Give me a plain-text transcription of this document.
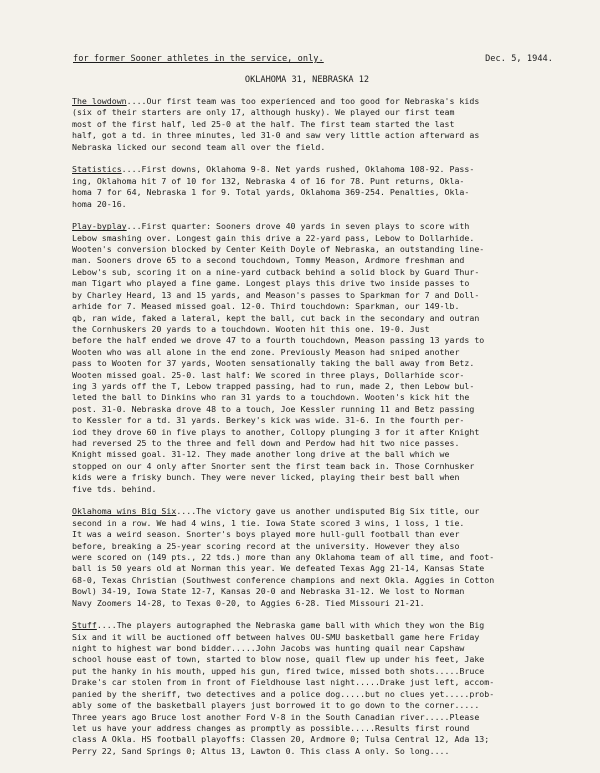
for former Sooner athletes in the service, only.	Dec. 5, 1944.
OKLAHOMA 31, NEBRASKA 12
The lowdown....Our first team was too experienced and too good for Nebraska's kids
(six of their starters are only 17, although husky). We played our first team
most of the first half, led 25-0 at the half. The first team started the last
half, got a td. in three minutes, led 31-0 and saw very little action afterward as
Nebraska licked our second team all over the field.
Statistics....First downs, Oklahoma 9-8. Net yards rushed, Oklahoma 108-92. Pass-
ing, Oklahoma hit 7 of 10 for 132, Nebraska 4 of 16 for 78. Punt returns, Okla-
homa 7 for 64, Nebraska 1 for 9. Total yards, Oklahoma 369-254. Penalties, Okla-
homa 20-16.
Play-byplay...First quarter: Sooners drove 40 yards in seven plays to score with
Lebow smashing over. Longest gain this drive a 22-yard pass, Lebow to Dollarhide.
Wooten's conversion blocked by Center Keith Doyle of Nebraska, an outstanding line-
man. Sooners drove 65 to a second touchdown, Tommy Meason, Ardmore freshman and
Lebow's sub, scoring it on a nine-yard cutback behind a solid block by Guard Thur-
man Tigart who played a fine game. Longest plays this drive two inside passes to
by Charley Heard, 13 and 15 yards, and Meason's passes to Sparkman for 7 and Doll-
arhide for 7. Meased missed goal. 12-0. Third touchdown: Sparkman, our 149-lb.
qb, ran wide, faked a lateral, kept the ball, cut back in the secondary and outran
the Cornhuskers 20 yards to a touchdown. Wooten hit this one. 19-0. Just
before the half ended we drove 47 to a fourth touchdown, Meason passing 13 yards to
Wooten who was all alone in the end zone. Previously Meason had sniped another
pass to Wooten for 37 yards, Wooten sensationally taking the ball away from Betz.
Wooten missed goal. 25-0. last half: We scored in three plays, Dollarhide scor-
ing 3 yards off the T, Lebow trapped passing, had to run, made 2, then Lebow bul-
leted the ball to Dinkins who ran 31 yards to a touchdown. Wooten's kick hit the
post. 31-0. Nebraska drove 48 to a touch, Joe Kessler running 11 and Betz passing
to Kessler for a td. 31 yards. Berkey's kick was wide. 31-6. In the fourth per-
iod they drove 60 in five plays to another, Collopy plunging 3 for it after Knight
had reversed 25 to the three and fell down and Perdow had hit two nice passes.
Knight missed goal. 31-12. They made another long drive at the ball which we
stopped on our 4 only after Snorter sent the first team back in. Those Cornhusker
kids were a frisky bunch. They were never licked, playing their best ball when
five tds. behind.
Oklahoma wins Big Six....The victory gave us another undisputed Big Six title, our
second in a row. We had 4 wins, 1 tie. Iowa State scored 3 wins, 1 loss, 1 tie.
It was a weird season. Snorter's boys played more hull-gull football than ever
before, breaking a 25-year scoring record at the university. However they also
were scored on (149 pts., 22 tds.) more than any Oklahoma team of all time, and foot-
ball is 50 years old at Norman this year. We defeated Texas Agg 21-14, Kansas State
68-0, Texas Christian (Southwest conference champions and next Okla. Aggies in Cotton
Bowl) 34-19, Iowa State 12-7, Kansas 20-0 and Nebraska 31-12. We lost to Norman
Navy Zoomers 14-28, to Texas 0-20, to Aggies 6-28. Tied Missouri 21-21.
Stuff....The players autographed the Nebraska game ball with which they won the Big
Six and it will be auctioned off between halves OU-SMU basketball game here Friday
night to highest war bond bidder.....John Jacobs was hunting quail near Capshaw
school house east of town, started to blow nose, quail flew up under his feet, Jake
put the hanky in his mouth, upped his gun, fired twice, missed both shots.....Bruce
Drake's car stolen from in front of Fieldhouse last night.....Drake just left, accom-
panied by the sheriff, two detectives and a police dog.....but no clues yet.....prob-
ably some of the basketball players just borrowed it to go down to the corner.....
Three years ago Bruce lost another Ford V-8 in the South Canadian river.....Please
let us have your address changes as promptly as possible.....Results first round
class A Okla. HS football playoffs: Classen 20, Ardmore 0; Tulsa Central 12, Ada 13;
Perry 22, Sand Springs 0; Altus 13, Lawton 0. This class A only. So long....
